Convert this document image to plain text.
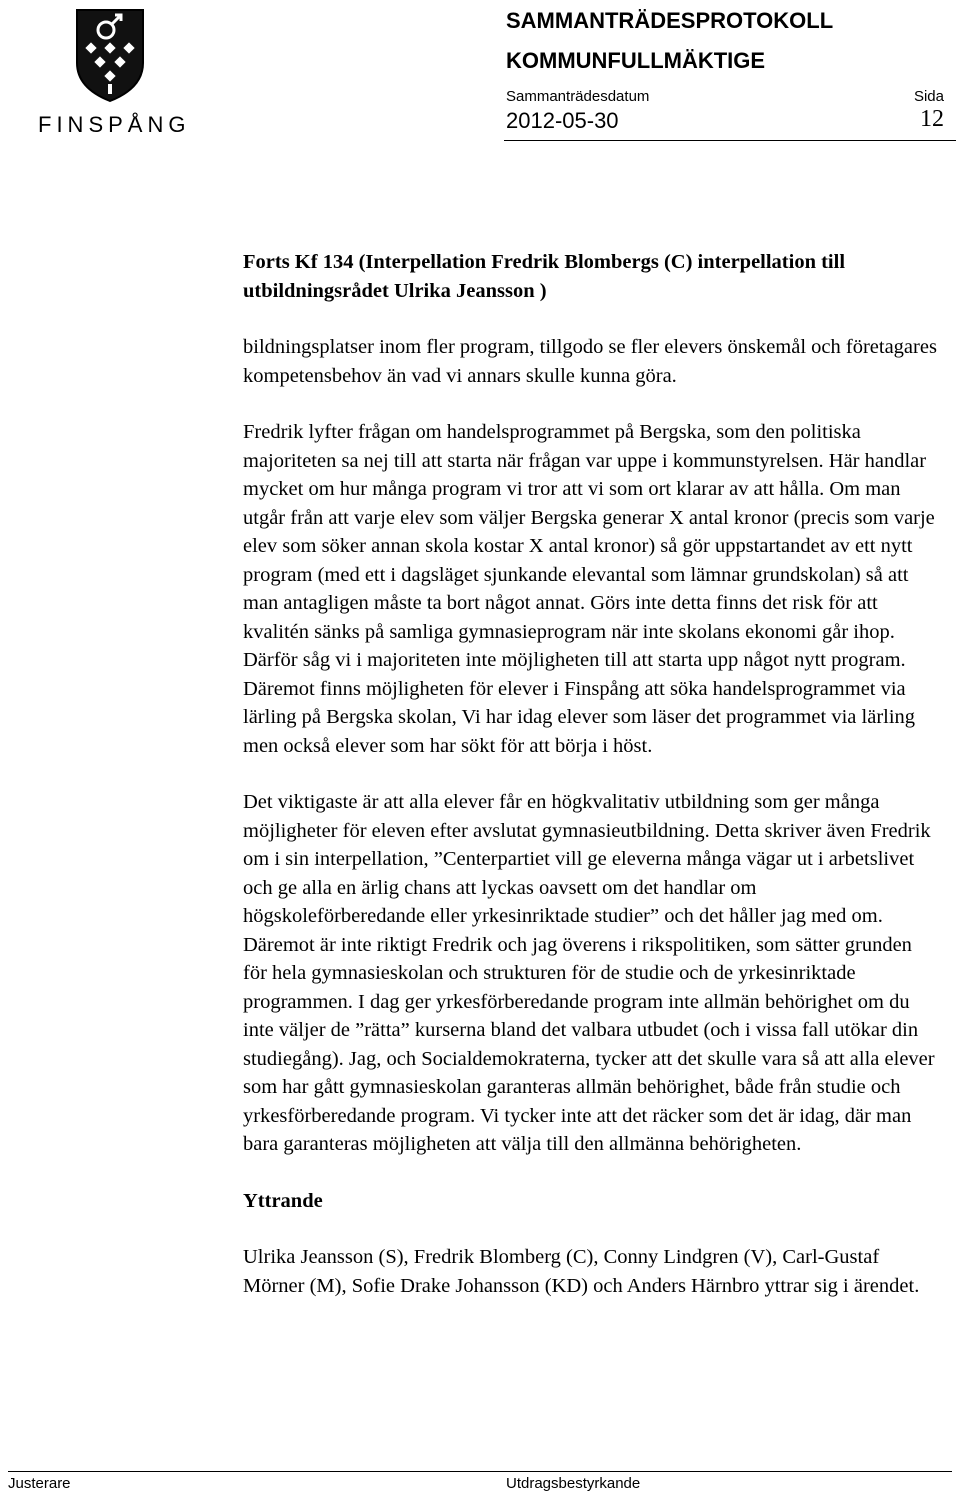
FINSPÅNG
SAMMANTRÄDESPROTOKOLL
KOMMUNFULLMÄKTIGE
Sammanträdesdatum	Sida
2012-05-30	12

Forts Kf 134 (Interpellation Fredrik Blombergs (C) interpellation till utbildningsrådet Ulrika Jeansson )

bildningsplatser inom fler program, tillgodo se fler elevers önskemål och företagares kompetensbehov än vad vi annars skulle kunna göra.

Fredrik lyfter frågan om handelsprogrammet på Bergska, som den politiska majoriteten sa nej till att starta när frågan var uppe i kommunstyrelsen. Här handlar mycket om hur många program vi tror att vi som ort klarar av att hålla. Om man utgår från att varje elev som väljer Bergska generar X antal kronor (precis som varje elev som söker annan skola kostar X antal kronor) så gör uppstartandet av ett nytt program (med ett i dagsläget sjunkande elevantal som lämnar grundskolan) så att man antagligen måste ta bort något annat. Görs inte detta finns det risk för att kvalitén sänks på samliga gymnasieprogram när inte skolans ekonomi går ihop. Därför såg vi i majoriteten inte möjligheten till att starta upp något nytt program. Däremot finns möjligheten för elever i Finspång att söka handelsprogrammet via lärling på Bergska skolan, Vi har idag elever som läser det programmet via lärling men också elever som har sökt för att börja i höst.

Det viktigaste är att alla elever får en högkvalitativ utbildning som ger många möjligheter för eleven efter avslutat gymnasieutbildning. Detta skriver även Fredrik om i sin interpellation, ”Centerpartiet vill ge eleverna många vägar ut i arbetslivet och ge alla en ärlig chans att lyckas oavsett om det handlar om högskoleförberedande eller yrkesinriktade studier” och det håller jag med om. Däremot är inte riktigt Fredrik och jag överens i rikspolitiken, som sätter grunden för hela gymnasieskolan och strukturen för de studie och de yrkesinriktade programmen. I dag ger yrkesförberedande program inte allmän behörighet om du inte väljer de ”rätta” kurserna bland det valbara utbudet (och i vissa fall utökar din studiegång). Jag, och Socialdemokraterna, tycker att det skulle vara så att alla elever som har gått gymnasieskolan garanteras allmän behörighet, både från studie och yrkesförberedande program. Vi tycker inte att det räcker som det är idag, där man bara garanteras möjligheten att välja till den allmänna behörigheten.

Yttrande

Ulrika Jeansson (S), Fredrik Blomberg (C), Conny Lindgren (V), Carl-Gustaf Mörner (M), Sofie Drake Johansson (KD) och Anders Härnbro yttrar sig i ärendet.

Justerare	Utdragsbestyrkande
